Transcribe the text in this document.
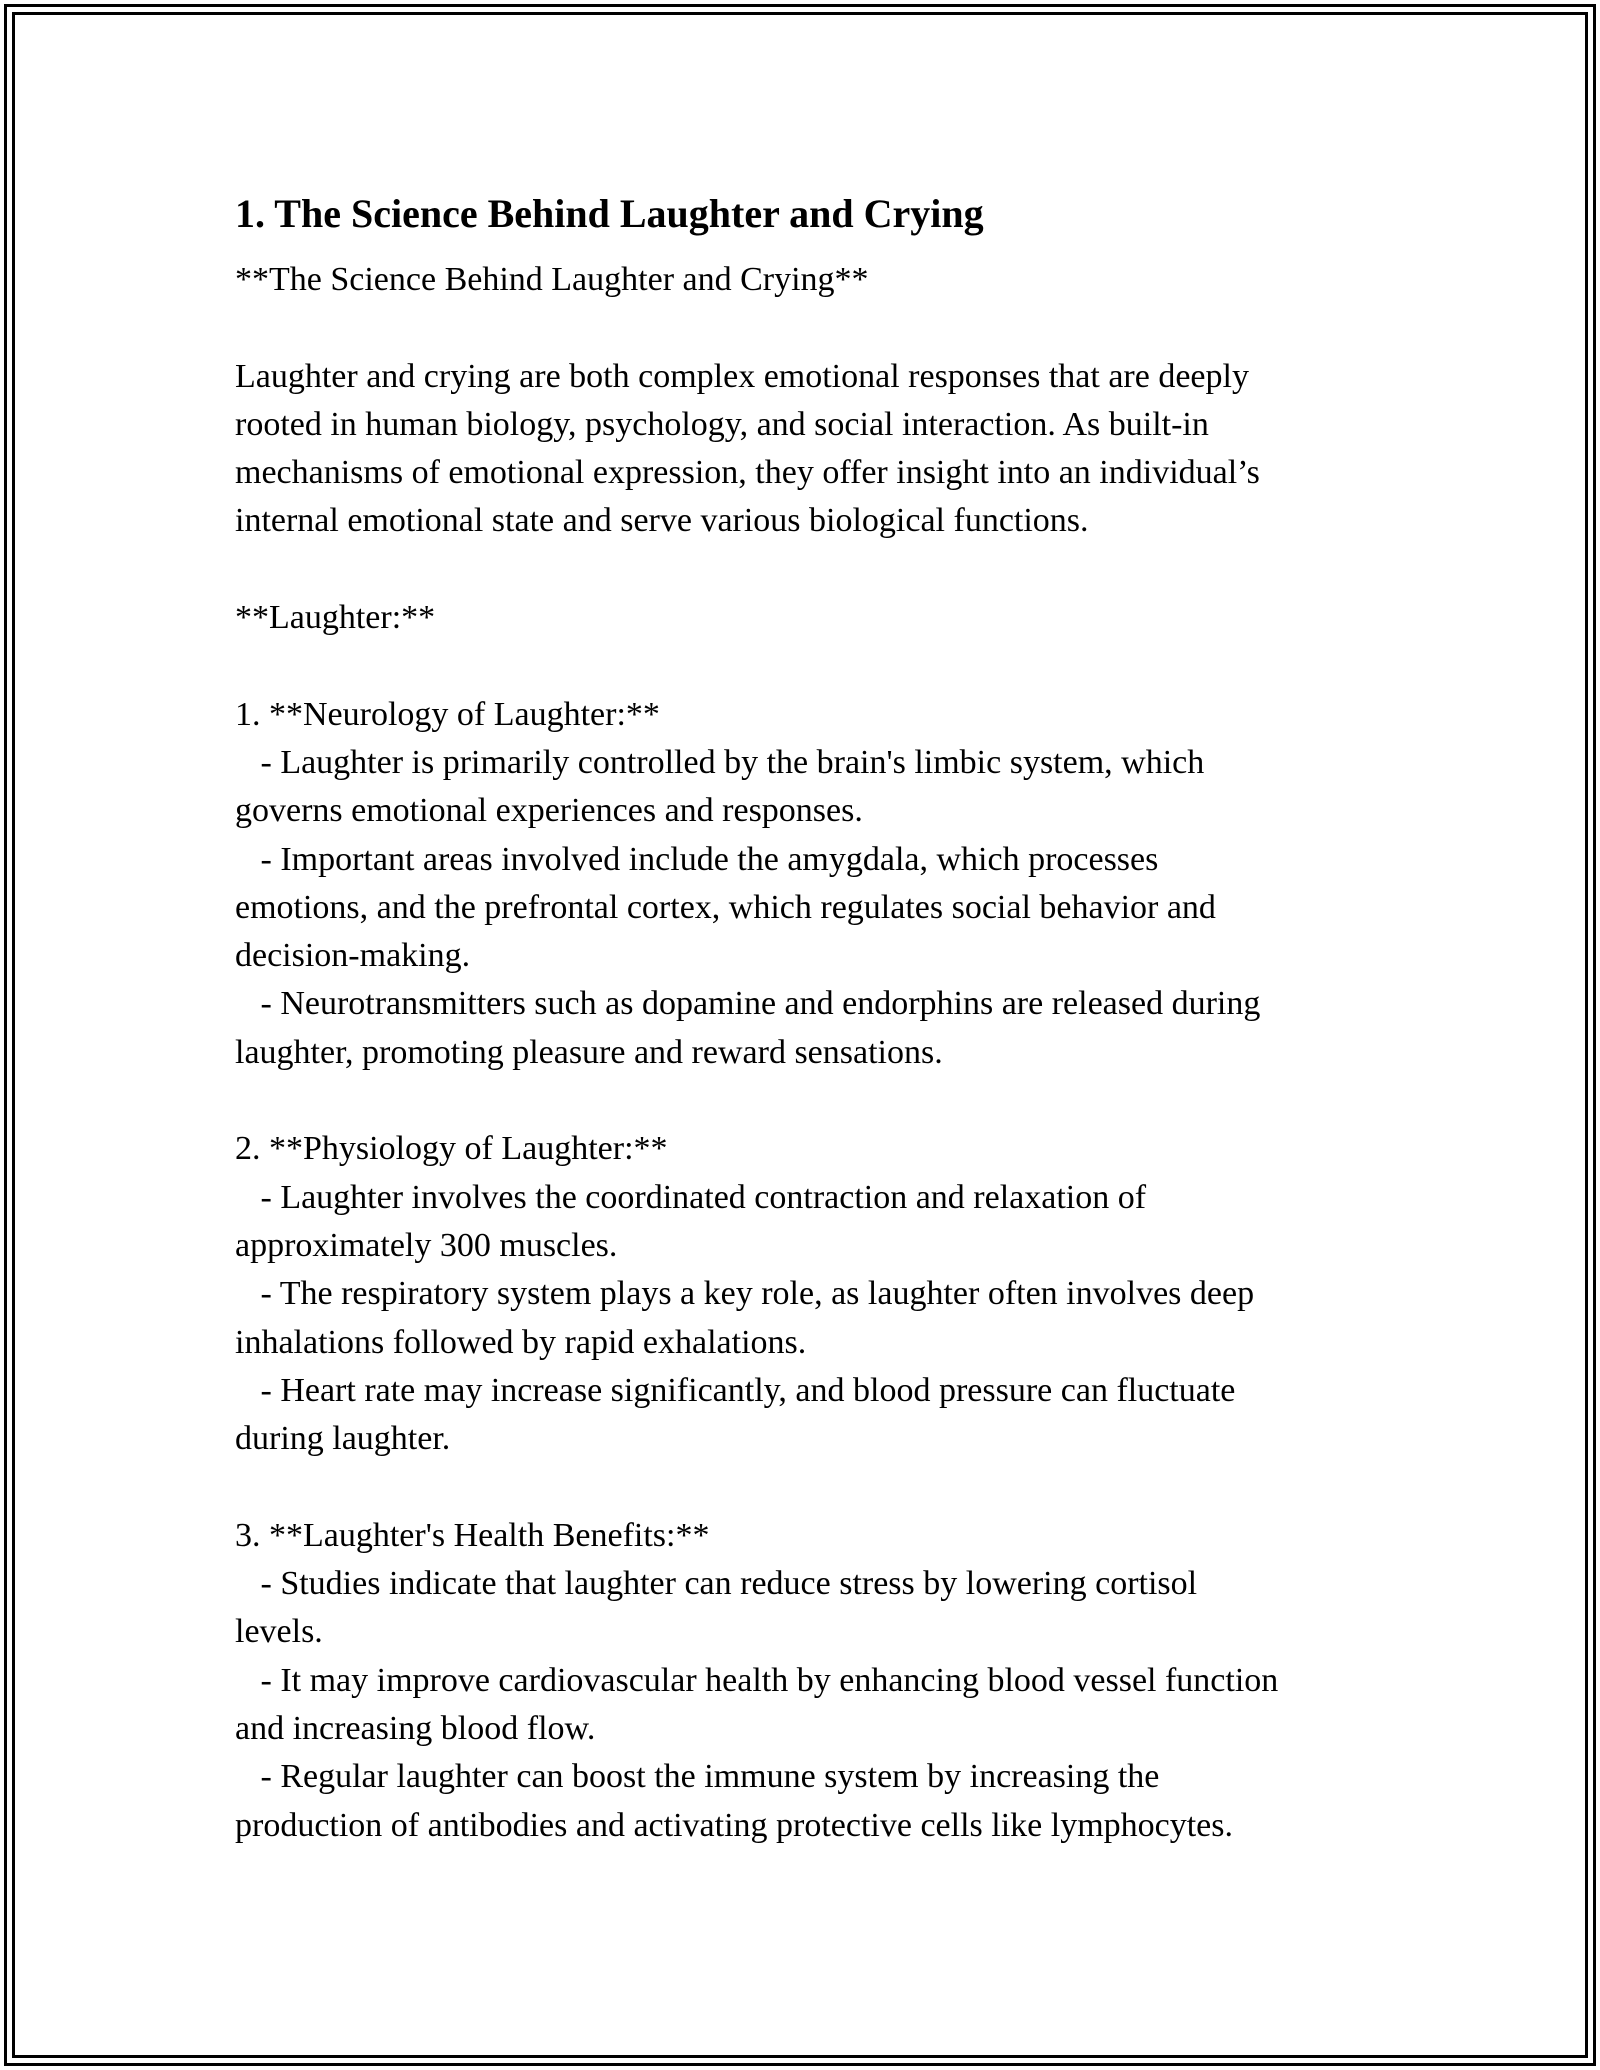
1. The Science Behind Laughter and Crying
**The Science Behind Laughter and Crying**
Laughter and crying are both complex emotional responses that are deeply
rooted in human biology, psychology, and social interaction. As built-in
mechanisms of emotional expression, they offer insight into an individual’s
internal emotional state and serve various biological functions.
**Laughter:**
1. **Neurology of Laughter:**
- Laughter is primarily controlled by the brain's limbic system, which
governs emotional experiences and responses.
- Important areas involved include the amygdala, which processes
emotions, and the prefrontal cortex, which regulates social behavior and
decision-making.
- Neurotransmitters such as dopamine and endorphins are released during
laughter, promoting pleasure and reward sensations.
2. **Physiology of Laughter:**
- Laughter involves the coordinated contraction and relaxation of
approximately 300 muscles.
- The respiratory system plays a key role, as laughter often involves deep
inhalations followed by rapid exhalations.
- Heart rate may increase significantly, and blood pressure can fluctuate
during laughter.
3. **Laughter's Health Benefits:**
- Studies indicate that laughter can reduce stress by lowering cortisol
levels.
- It may improve cardiovascular health by enhancing blood vessel function
and increasing blood flow.
- Regular laughter can boost the immune system by increasing the
production of antibodies and activating protective cells like lymphocytes.
